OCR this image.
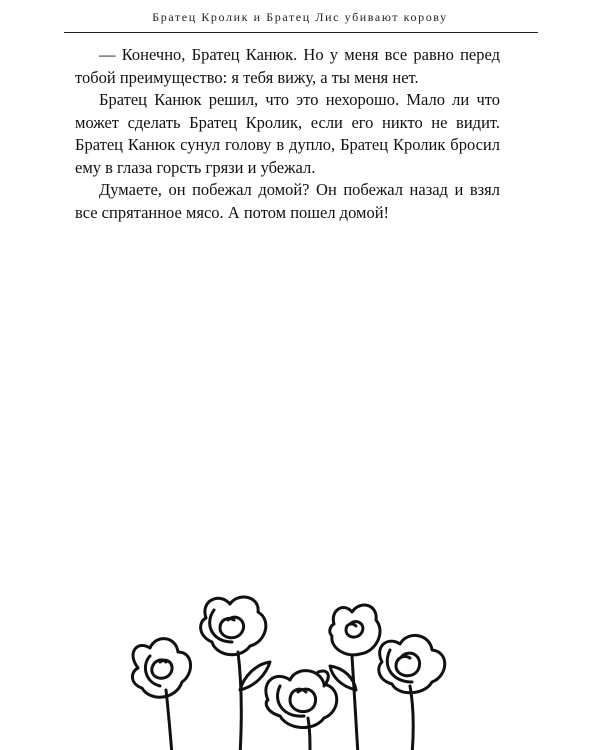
Братец Кролик и Братец Лис убивают корову

— Конечно, Братец Канюк. Но у меня все равно перед тобой преимущество: я тебя вижу, а ты меня нет.

Братец Канюк решил, что это нехорошо. Мало ли что может сделать Братец Кролик, если его никто не видит. Братец Канюк сунул голову в дупло, Братец Кролик бросил ему в глаза горсть грязи и убежал.

Думаете, он побежал домой? Он побежал назад и взял все спрятанное мясо. А потом пошел домой!
